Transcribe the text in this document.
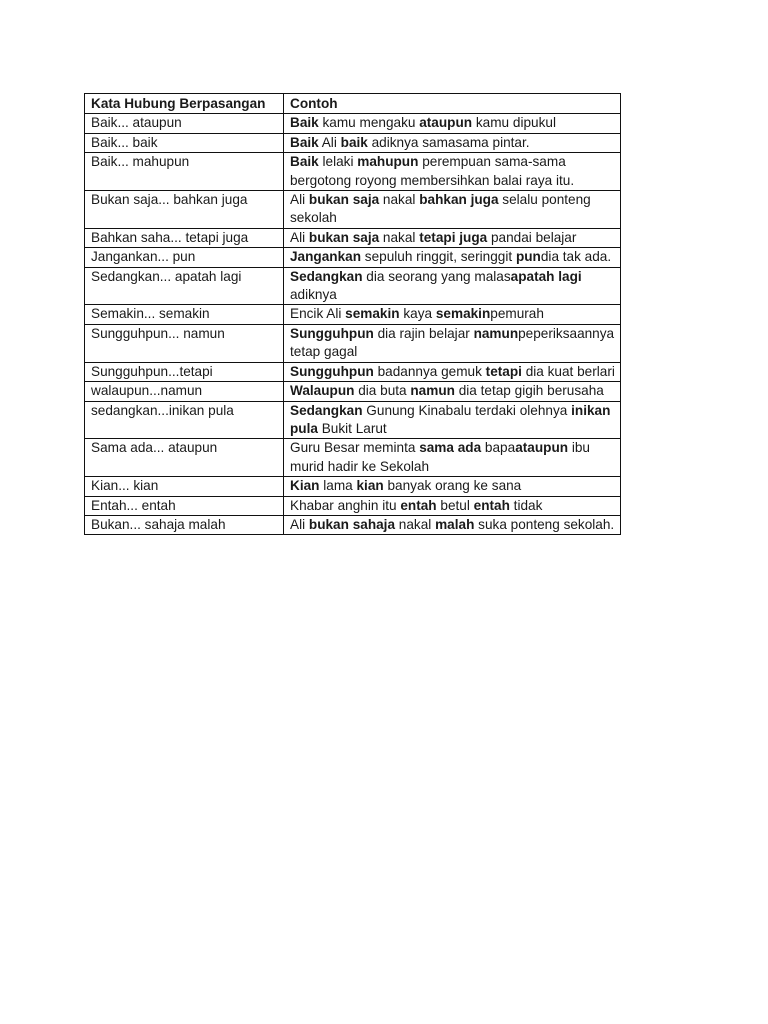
Kata Hubung Berpasangan	Contoh
Baik... ataupun	Baik kamu mengaku ataupun kamu dipukul
Baik... baik	Baik Ali baik adiknya samasama pintar.
Baik... mahupun	Baik lelaki mahupun perempuan sama-sama bergotong royong membersihkan balai raya itu.
Bukan saja... bahkan juga	Ali bukan saja nakal bahkan juga selalu ponteng sekolah
Bahkan saha... tetapi juga	Ali bukan saja nakal tetapi juga pandai belajar
Jangankan... pun	Jangankan sepuluh ringgit, seringgit pundia tak ada.
Sedangkan... apatah lagi	Sedangkan dia seorang yang malasapatah lagi adiknya
Semakin... semakin	Encik Ali semakin kaya semakinpemurah
Sungguhpun... namun	Sungguhpun dia rajin belajar namunpeperiksaannya tetap gagal
Sungguhpun...tetapi	Sungguhpun badannya gemuk tetapi dia kuat berlari
walaupun...namun	Walaupun dia buta namun dia tetap gigih berusaha
sedangkan...inikan pula	Sedangkan Gunung Kinabalu terdaki olehnya inikan pula Bukit Larut
Sama ada... ataupun	Guru Besar meminta sama ada bapaataupun ibu murid hadir ke Sekolah
Kian... kian	Kian lama kian banyak orang ke sana
Entah... entah	Khabar anghin itu entah betul entah tidak
Bukan... sahaja malah	Ali bukan sahaja nakal malah suka ponteng sekolah.
